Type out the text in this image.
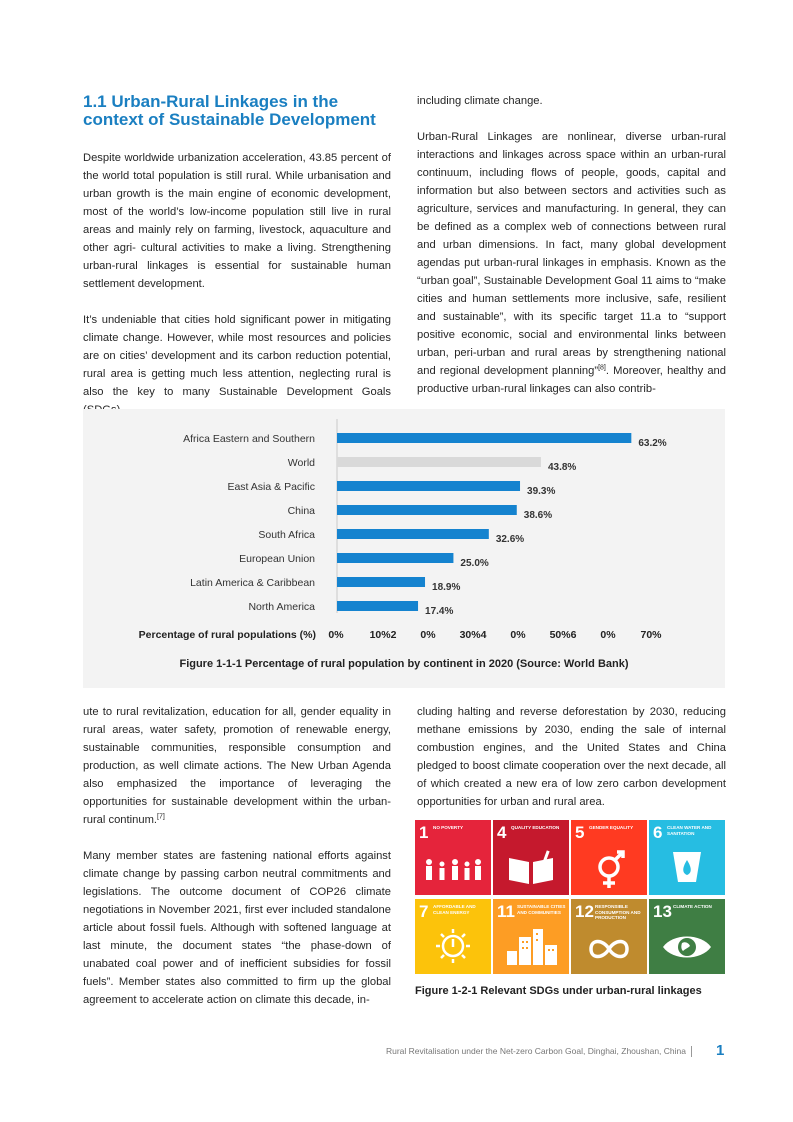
1.1 Urban-Rural Linkages in the context of Sustainable Development

Despite worldwide urbanization acceleration, 43.85 percent of the world total population is still rural. While urbanisation and urban growth is the main engine of economic development, most of the world’s low-income population still live in rural areas and mainly rely on farming, livestock, aquaculture and other agri- cultural activities to make a living. Strengthening urban-rural linkages is essential for sustainable human settlement development.

It’s undeniable that cities hold significant power in mitigating climate change. However, while most resources and policies are on cities’ development and its carbon reduction potential, rural area is getting much less attention, neglecting rural is also the key to many Sustainable Development Goals

including climate change.

Urban-Rural Linkages are nonlinear, diverse urban-rural interactions and linkages across space within an urban-rural continuum, including flows of people, goods, capital and information but also between sectors and activities such as agriculture, services and manufacturing. In general, they can be defined as a complex web of connections between rural and urban dimensions. In fact, many global development agendas put urban-rural linkages in emphasis. Known as the “urban goal”, Sustainable Development Goal 11 aims to “make cities and human settlements more inclusive, safe, resilient and sustainable”, with its specific target 11.a to “support positive economic, social and environmental links between urban, peri-urban and rural areas by strengthening national and regional development planning”[8]. Moreover, healthy and productive urban-rural linkages can also contrib-

Africa Eastern and Southern	63.2%
World	43.8%
East Asia & Pacific	39.3%
China	38.6%
South Africa	32.6%
European Union	25.0%
Latin America & Caribbean	18.9%
North America	17.4%
Percentage of rural populations (%) 0% 10%2 0% 30%4 0% 50%6 0% 70%
Figure 1-1-1 Percentage of rural population by continent in 2020 (Source: World Bank)

ute to rural revitalization, education for all, gender equality in rural areas, water safety, promotion of renewable energy, sustainable communities, responsible consumption and production, as well climate actions. The New Urban Agenda also emphasized the importance of leveraging the opportunities for sustainable development within the urban-rural continum.[7]

Many member states are fastening national efforts against climate change by passing carbon neutral commitments and legislations. The outcome document of COP26 climate negotiations in November 2021, first ever included standalone article about fossil fuels. Although with softened language at last minute, the document states “the phase-down of unabated coal power and of inefficient subsidies for fossil fuels”. Member states also committed to firm up the global agreement to accelerate action on climate this decade, in-

cluding halting and reverse deforestation by 2030, reducing methane emissions by 2030, ending the sale of internal combustion engines, and the United States and China pledged to boost climate cooperation over the next decade, all of which created a new era of low zero carbon development opportunities for urban and rural area.

1 NO POVERTY	4 QUALITY EDUCATION 5 GENDER EQUALITY	6 CLEAN WATER AND SANITATION
7 AFFORDABLE AND CLEAN ENERGY	11 SUSTAINABLE CITIES AND COMMUNITIES 12 RESPONSIBLE CONSUMPTION AND PRODUCTION	13 CLIMATE ACTION
Figure 1-2-1 Relevant SDGs under urban-rural linkages
Rural Revitalisation under the Net-zero Carbon Goal, Dinghai, Zhoushan, China 1
